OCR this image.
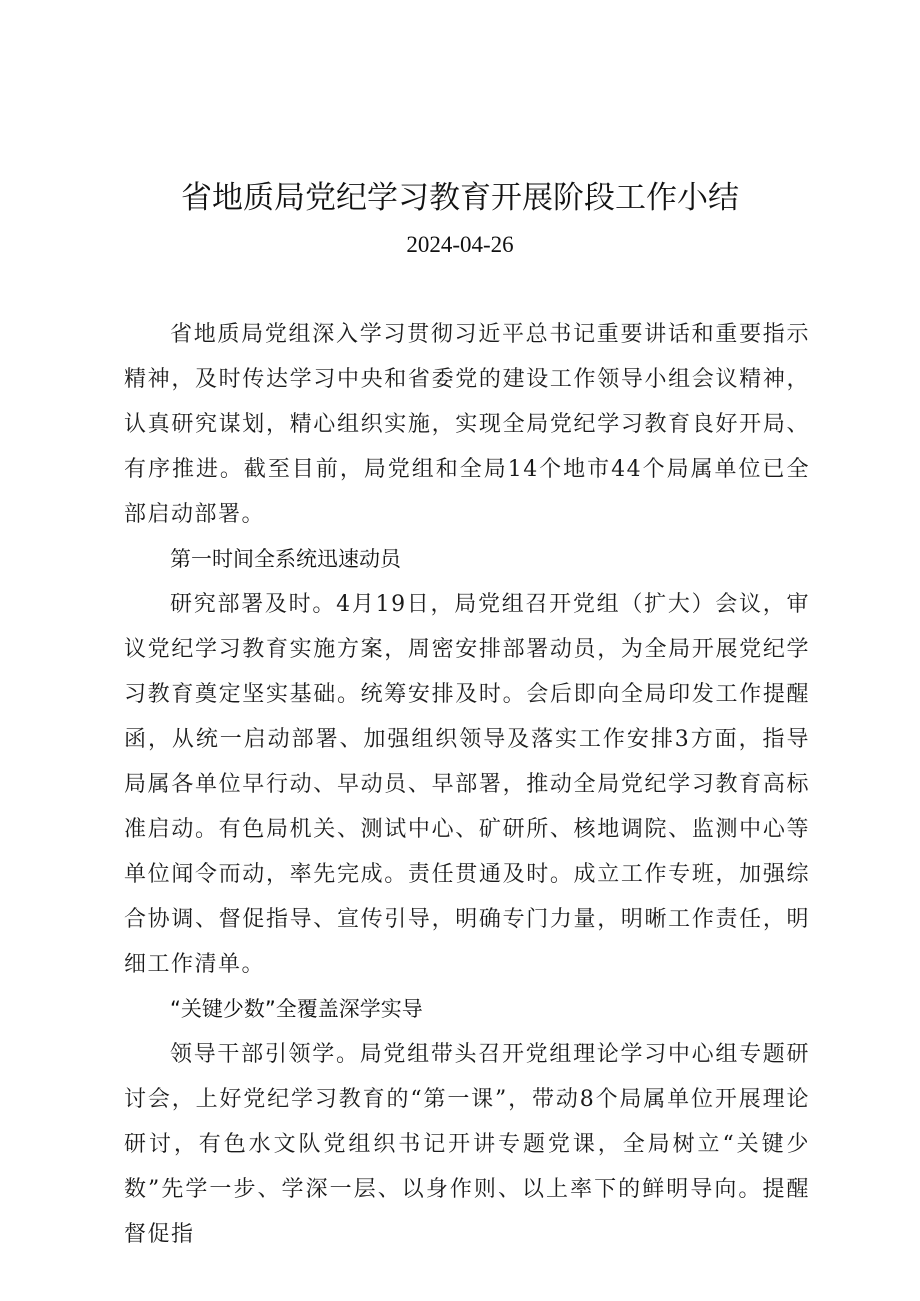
省地质局党纪学习教育开展阶段工作小结
2024-04-26

省地质局党组深入学习贯彻习近平总书记重要讲话和重要指示精神，及时传达学习中央和省委党的建设工作领导小组会议精神，认真研究谋划，精心组织实施，实现全局党纪学习教育良好开局、有序推进。截至目前，局党组和全局14个地市44个局属单位已全部启动部署。

第一时间全系统迅速动员

研究部署及时。4月19日，局党组召开党组（扩大）会议，审议党纪学习教育实施方案，周密安排部署动员，为全局开展党纪学习教育奠定坚实基础。统筹安排及时。会后即向全局印发工作提醒函，从统一启动部署、加强组织领导及落实工作安排3方面，指导局属各单位早行动、早动员、早部署，推动全局党纪学习教育高标准启动。有色局机关、测试中心、矿研所、核地调院、监测中心等单位闻令而动，率先完成。责任贯通及时。成立工作专班，加强综合协调、督促指导、宣传引导，明确专门力量，明晰工作责任，明细工作清单。

“关键少数”全覆盖深学实导

领导干部引领学。局党组带头召开党组理论学习中心组专题研讨会，上好党纪学习教育的“第一课”，带动8个局属单位开展理论研讨，有色水文队党组织书记开讲专题党课，全局树立“关键少数”先学一步、学深一层、以身作则、以上率下的鲜明导向。提醒督促指
